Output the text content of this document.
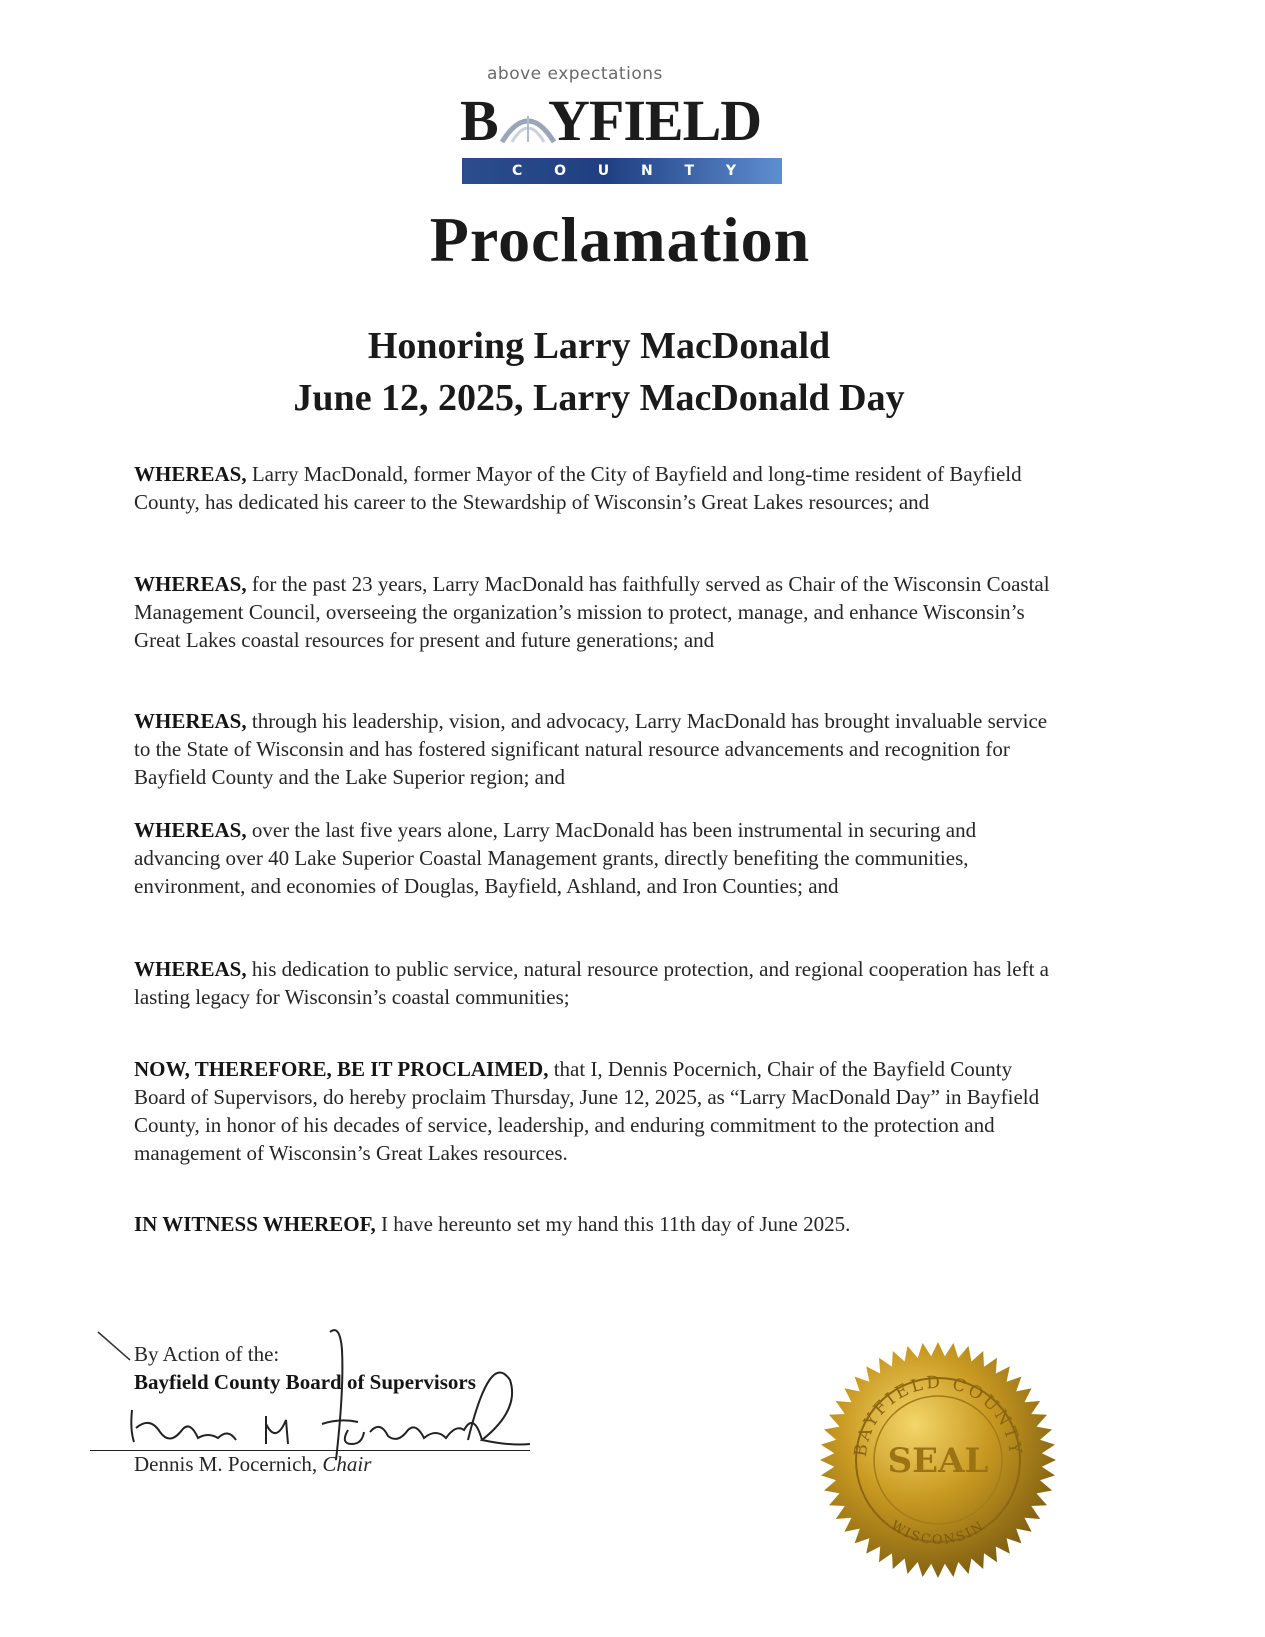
above expectations
B YFIELD
C O U N T Y
Proclamation
Honoring Larry MacDonald
June 12, 2025, Larry MacDonald Day
WHEREAS, Larry MacDonald, former Mayor of the City of Bayfield and long-time resident of Bayfield County, has dedicated his career to the Stewardship of Wisconsin’s Great Lakes resources; and
WHEREAS, for the past 23 years, Larry MacDonald has faithfully served as Chair of the Wisconsin Coastal Management Council, overseeing the organization’s mission to protect, manage, and enhance Wisconsin’s Great Lakes coastal resources for present and future generations; and
WHEREAS, through his leadership, vision, and advocacy, Larry MacDonald has brought invaluable service to the State of Wisconsin and has fostered significant natural resource advancements and recognition for Bayfield County and the Lake Superior region; and
WHEREAS, over the last five years alone, Larry MacDonald has been instrumental in securing and advancing over 40 Lake Superior Coastal Management grants, directly benefiting the communities, environment, and economies of Douglas, Bayfield, Ashland, and Iron Counties; and
WHEREAS, his dedication to public service, natural resource protection, and regional cooperation has left a lasting legacy for Wisconsin’s coastal communities;
NOW, THEREFORE, BE IT PROCLAIMED, that I, Dennis Pocernich, Chair of the Bayfield County Board of Supervisors, do hereby proclaim Thursday, June 12, 2025, as “Larry MacDonald Day” in Bayfield County, in honor of his decades of service, leadership, and enduring commitment to the protection and management of Wisconsin’s Great Lakes resources.
IN WITNESS WHEREOF, I have hereunto set my hand this 11th day of June 2025.
By Action of the:
Bayfield County Board of Supervisors
Dennis M. Pocernich, Chair
BAYFIELD COUNTY
SEAL
WISCONSIN
